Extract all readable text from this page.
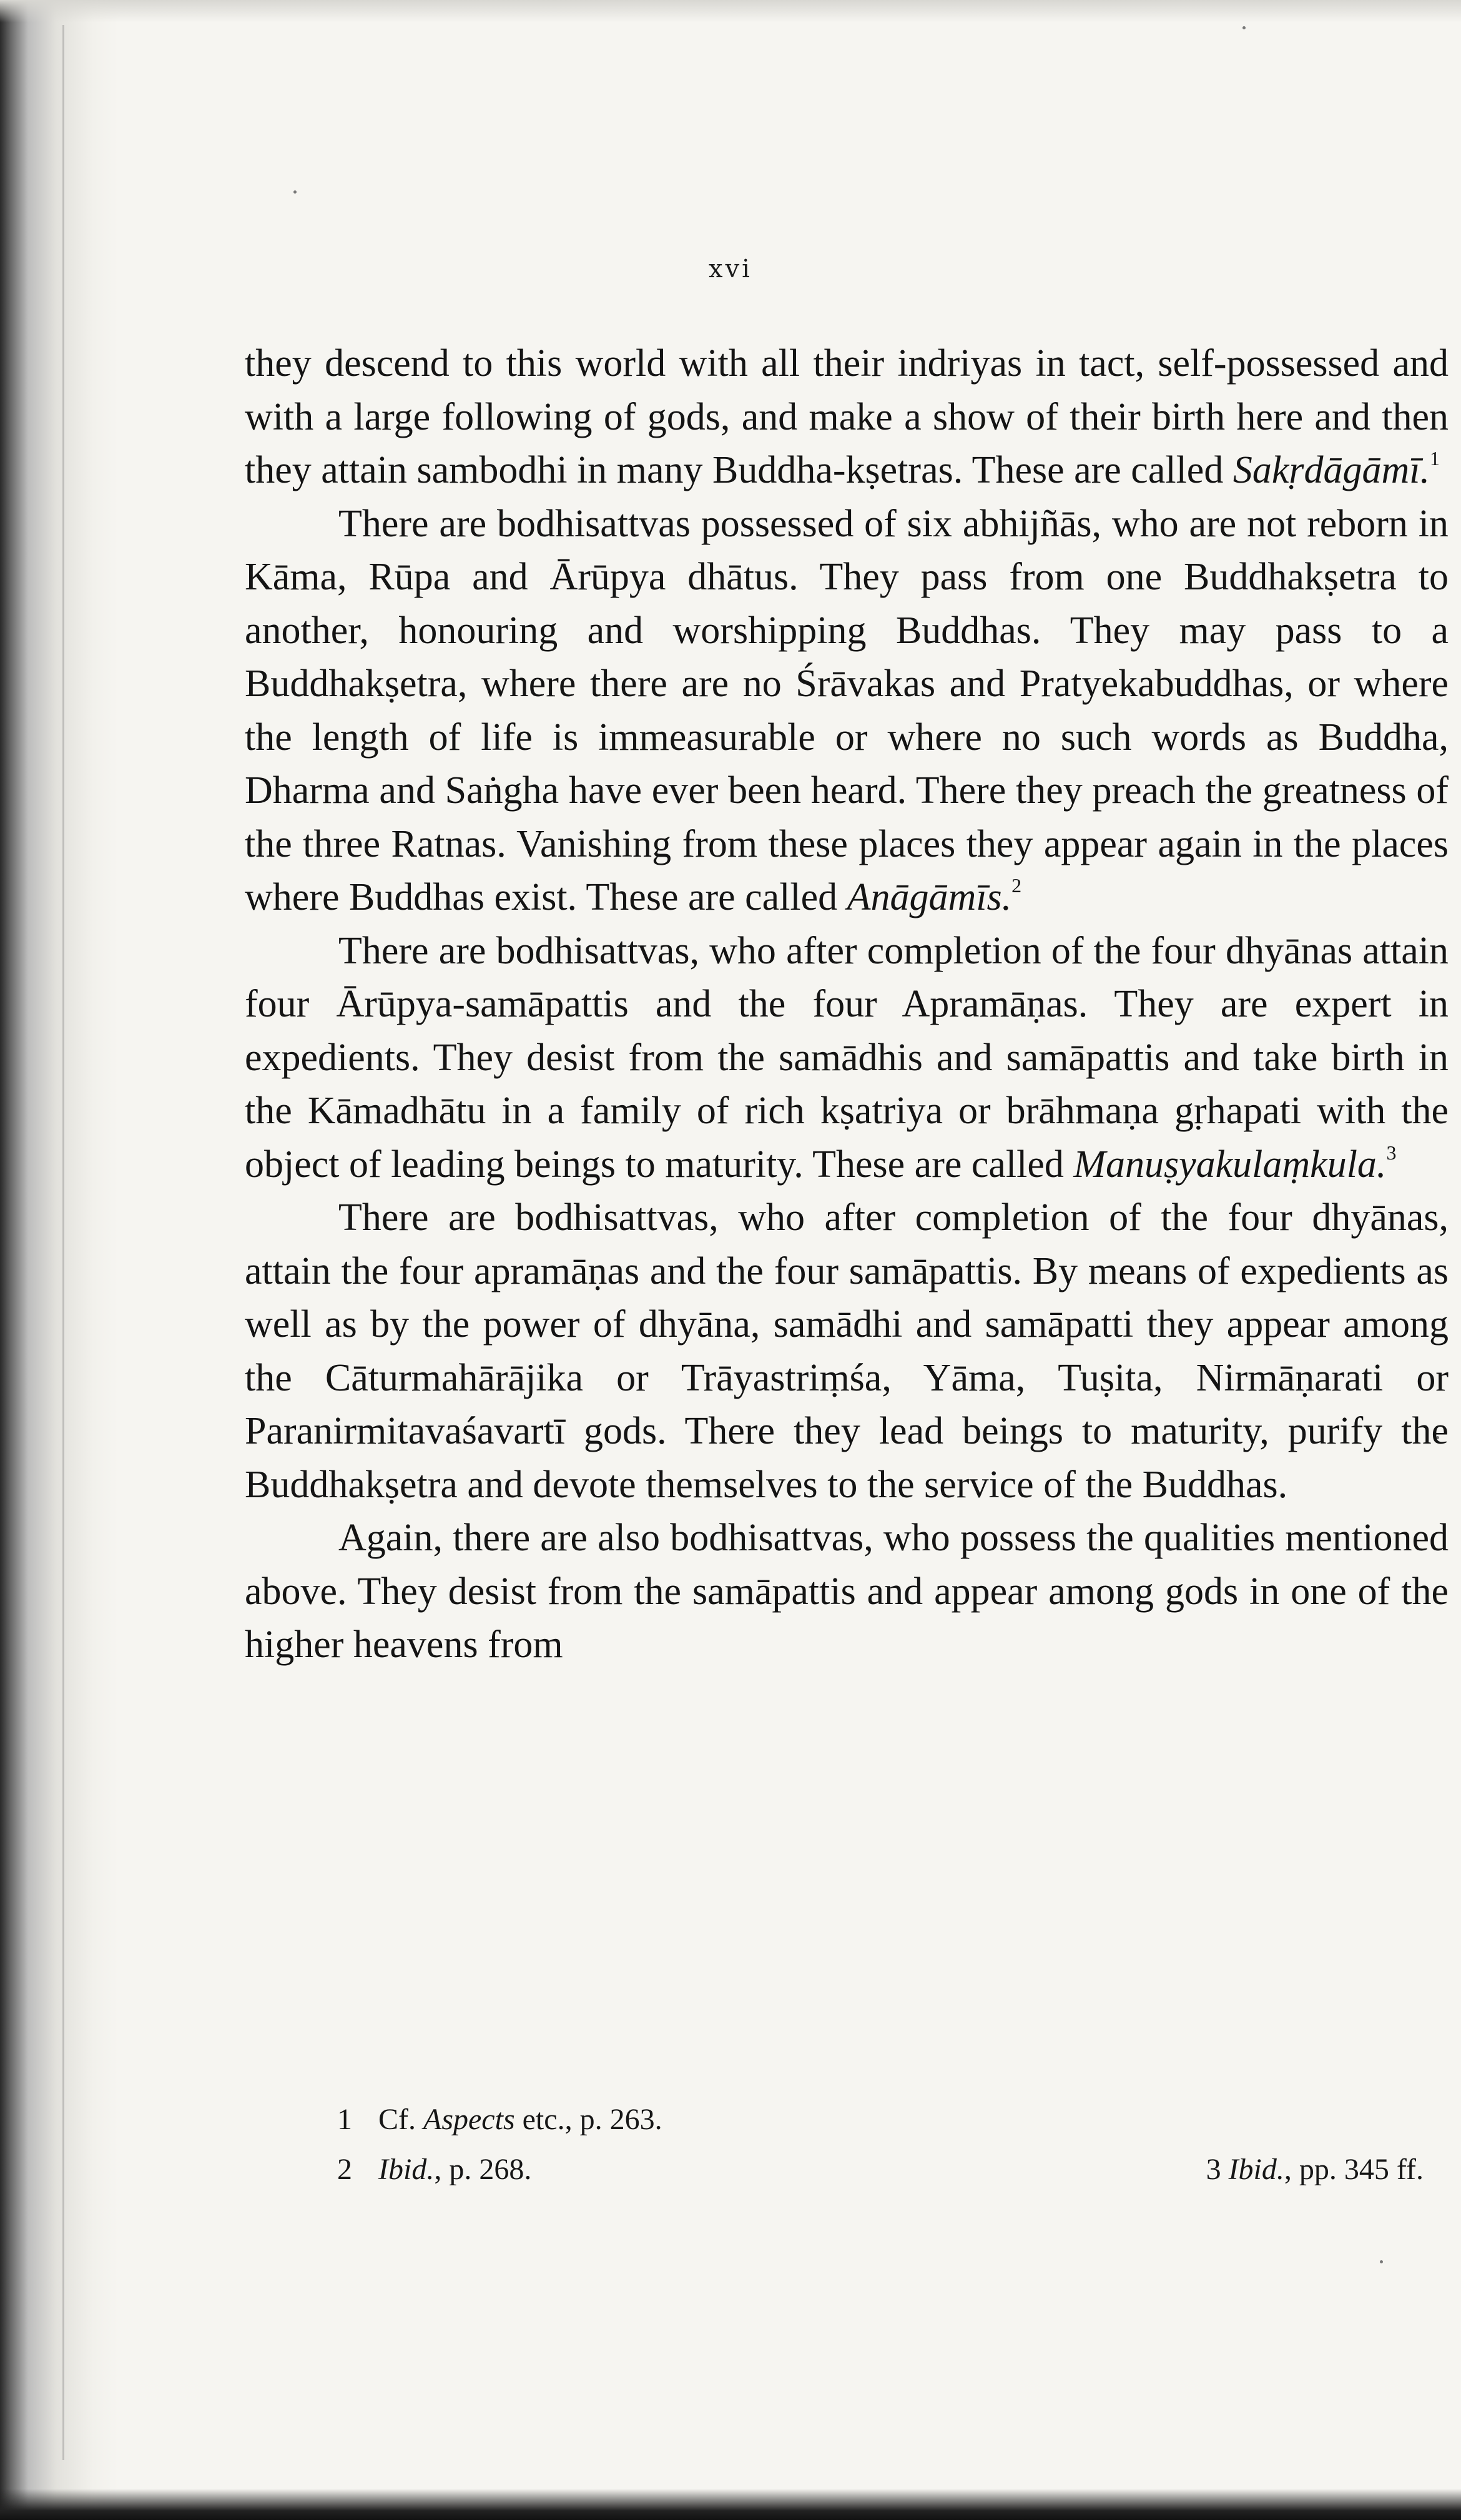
xvi

they descend to this world with all their indriyas in tact, self-possessed and with a large following of gods, and make a show of their birth here and then they attain sambodhi in many Buddha-kṣetras. These are called Sakṛdāgāmī.$^1$

There are bodhisattvas possessed of six abhijñās, who are not reborn in Kāma, Rūpa and Ārūpya dhātus. They pass from one Buddhakṣetra to another, honouring and worshipping Buddhas. They may pass to a Buddhakṣetra, where there are no Śrāvakas and Pratyekabuddhas, or where the length of life is immeasurable or where no such words as Buddha, Dharma and Saṅgha have ever been heard. There they preach the greatness of the three Ratnas. Vanishing from these places they appear again in the places where Buddhas exist. These are called Anāgāmīs.$^2$

There are bodhisattvas, who after completion of the four dhyānas attain four Ārūpya-samāpattis and the four Apramāṇas. They are expert in expedients. They desist from the samādhis and samāpattis and take birth in the Kāmadhātu in a family of rich kṣatriya or brāhmaṇa gṛhapati with the object of leading beings to maturity. These are called Manuṣyakulaṃkula.$^3$

There are bodhisattvas, who after completion of the four dhyānas, attain the four apramāṇas and the four samāpattis. By means of expedients as well as by the power of dhyāna, samādhi and samāpatti they appear among the Cāturmahārājika or Trāyastriṃśa, Yāma, Tuṣita, Nirmāṇarati or Paranirmitavaśavartī gods. There they lead beings to maturity, purify the Buddhakṣetra and devote themselves to the service of the Buddhas.

Again, there are also bodhisattvas, who possess the qualities mentioned above. They desist from the samāpattis and appear among gods in one of the higher heavens from

1 Cf. Aspects etc., p. 263.
2 Ibid., p. 268.	3 Ibid., pp. 345 ff.
